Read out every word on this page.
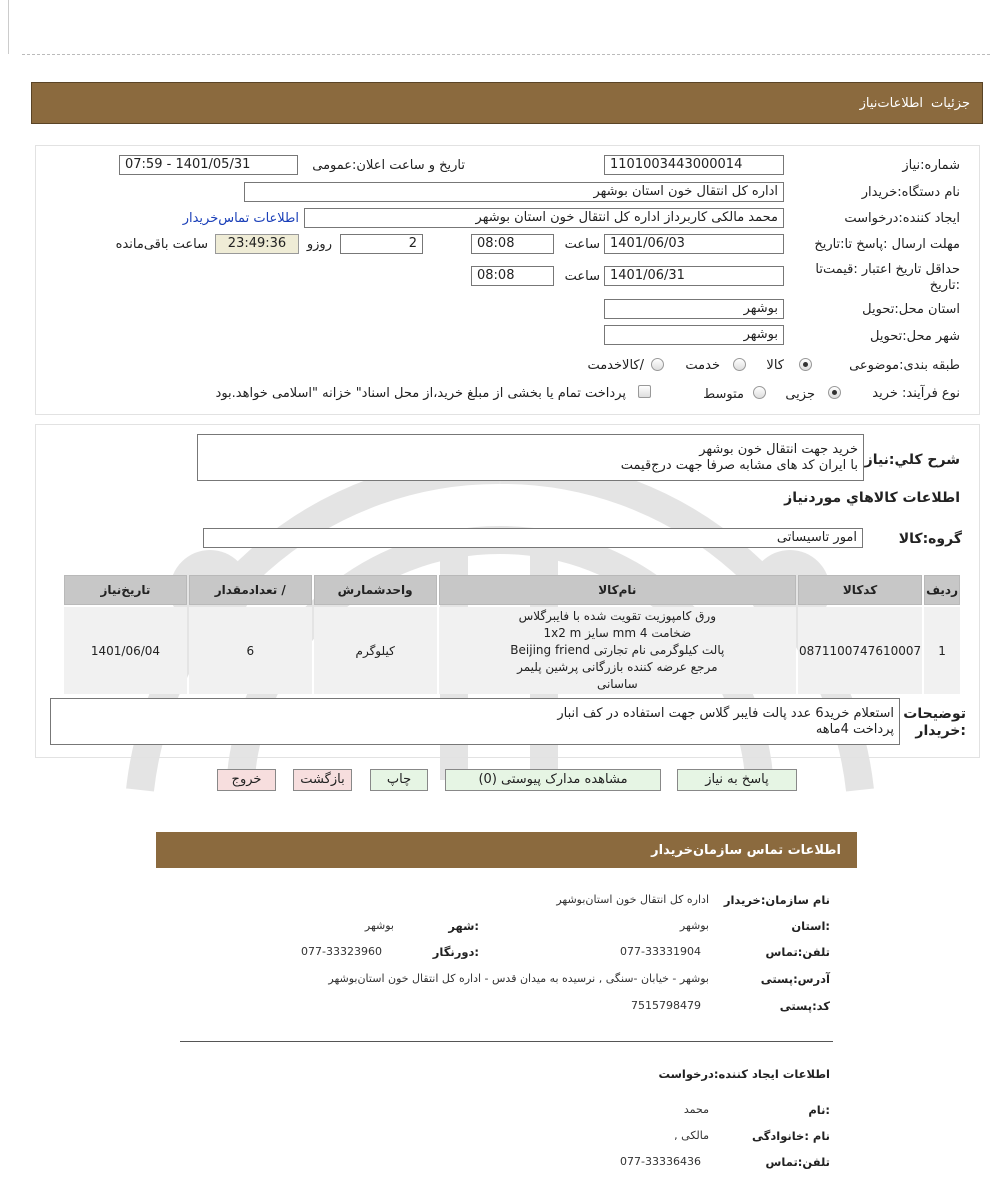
جزئیات
اطلاعات‌نیاز
شماره:نیاز
1101003443000014
تاریخ و ساعت اعلان:عمومی
1401/05/31 - 07:59
نام دستگاه:خریدار
اداره کل انتقال خون استان بوشهر
ایجاد کننده:درخواست
محمد مالکی کاربرداز اداره کل انتقال خون استان بوشهر
اطلاعات تماس‌خریدار
مهلت ارسال :پاسخ تا:تاریخ
1401/06/03
ساعت
08:08
2
روزو
23:49:36
ساعت باقی‌مانده
حداقل تاریخ اعتبار :قیمت‌تا
:تاریخ
1401/06/31
ساعت
08:08
استان محل:تحویل
بوشهر
شهر محل:تحویل
بوشهر
طبقه بندی:موضوعی
کالا
خدمت
/کالاخدمت
نوع فرآیند: خرید
جزیی
متوسط
پرداخت تمام یا بخشی از مبلغ خرید،از محل اسناد" خزانه "اسلامی خواهد.بود
شرح کلي:نياز
خرید جهت انتقال خون بوشهر
با ایران کد های مشابه صرفا جهت درج‌قیمت
اطلاعات کالاهاي موردنياز
گروه:کالا
امور تاسیساتی
ردیف	کدکالا	نام‌کالا	واحدشمارش	/ تعدادمقدار	تاریخ‌نیاز
1	0871100747610007	ورق کامپوزیت تقویت شده با فایبرگلاس
ضخامت 4 mm سایز 1x2 m
پالت کیلوگرمی نام تجارتی Beijing friend
مرجع عرضه کننده بازرگانی پرشین پلیمر
ساسانی	کیلوگرم	6	1401/06/04
توضیحات
:خریدار
استعلام خرید6 عدد پالت فایبر گلاس جهت استفاده در کف انبار
پرداخت 4ماهه
پاسخ به نیاز
مشاهده مدارک پیوستی (0)
چاپ
بازگشت
خروج
اطلاعات تماس سازمان‌خریدار
نام سازمان:خریدار
اداره کل انتقال خون استان‌بوشهر
:استان
بوشهر
:شهر
بوشهر
تلفن:تماس
077-33331904
:دورنگار
077-33323960
آدرس:پستی
بوشهر - خیابان -سنگی , نرسیده به میدان قدس - اداره کل انتقال خون استان‌بوشهر
کد:پستی
7515798479
اطلاعات ایجاد کننده:درخواست
:نام
محمد
نام :خانوادگی
مالکی ,
تلفن:تماس
077-33336436
